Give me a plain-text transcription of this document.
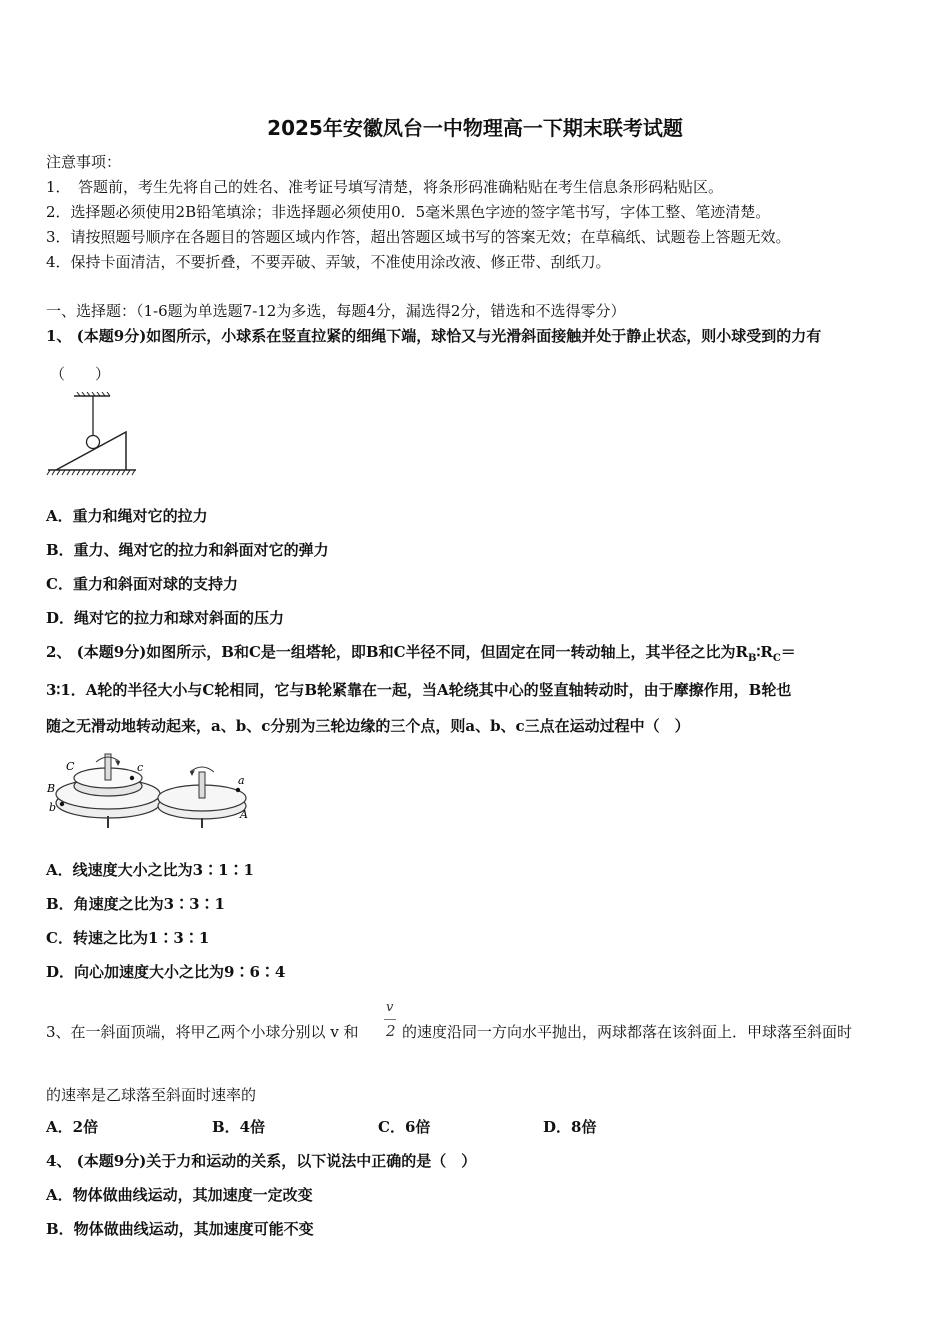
2025年安徽凤台一中物理高一下期末联考试题
注意事项：
1．　答题前，考生先将自己的姓名、准考证号填写清楚，将条形码准确粘贴在考生信息条形码粘贴区。
2．选择题必须使用2B铅笔填涂；非选择题必须使用0．5毫米黑色字迹的签字笔书写，字体工整、笔迹清楚。
3．请按照题号顺序在各题目的答题区域内作答，超出答题区域书写的答案无效；在草稿纸、试题卷上答题无效。
4．保持卡面清洁，不要折叠，不要弄破、弄皱，不准使用涂改液、修正带、刮纸刀。
一、选择题：（1-6题为单选题7-12为多选，每题4分，漏选得2分，错选和不选得零分）
1、 (本题9分)如图所示，小球系在竖直拉紧的细绳下端，球恰又与光滑斜面接触并处于静止状态，则小球受到的力有
（　　）
A．重力和绳对它的拉力
B．重力、绳对它的拉力和斜面对它的弹力
C．重力和斜面对球的支持力
D．绳对它的拉力和球对斜面的压力
2、 (本题9分)如图所示，B和C是一组塔轮，即B和C半径不同，但固定在同一转动轴上，其半径之比为$R_B∶R_C=$
3∶1．A轮的半径大小与C轮相同，它与B轮紧靠在一起，当A轮绕其中心的竖直轴转动时，由于摩擦作用，B轮也
随之无滑动地转动起来，a、b、c分别为三轮边缘的三个点，则a、b、c三点在运动过程中（　）
C	c
B
b
a
A
A．线速度大小之比为3∶1∶1
B．角速度之比为3∶3∶1
C．转速之比为1∶3∶1
D．向心加速度大小之比为9∶6∶4
3、在一斜面顶端，将甲乙两个小球分别以 v 和
v
2 的速度沿同一方向水平抛出，两球都落在该斜面上．甲球落至斜面时
的速率是乙球落至斜面时速率的
A．2倍	B．4倍	C．6倍	D．8倍
4、 (本题9分)关于力和运动的关系，以下说法中正确的是（　）
A．物体做曲线运动，其加速度一定改变
B．物体做曲线运动，其加速度可能不变
